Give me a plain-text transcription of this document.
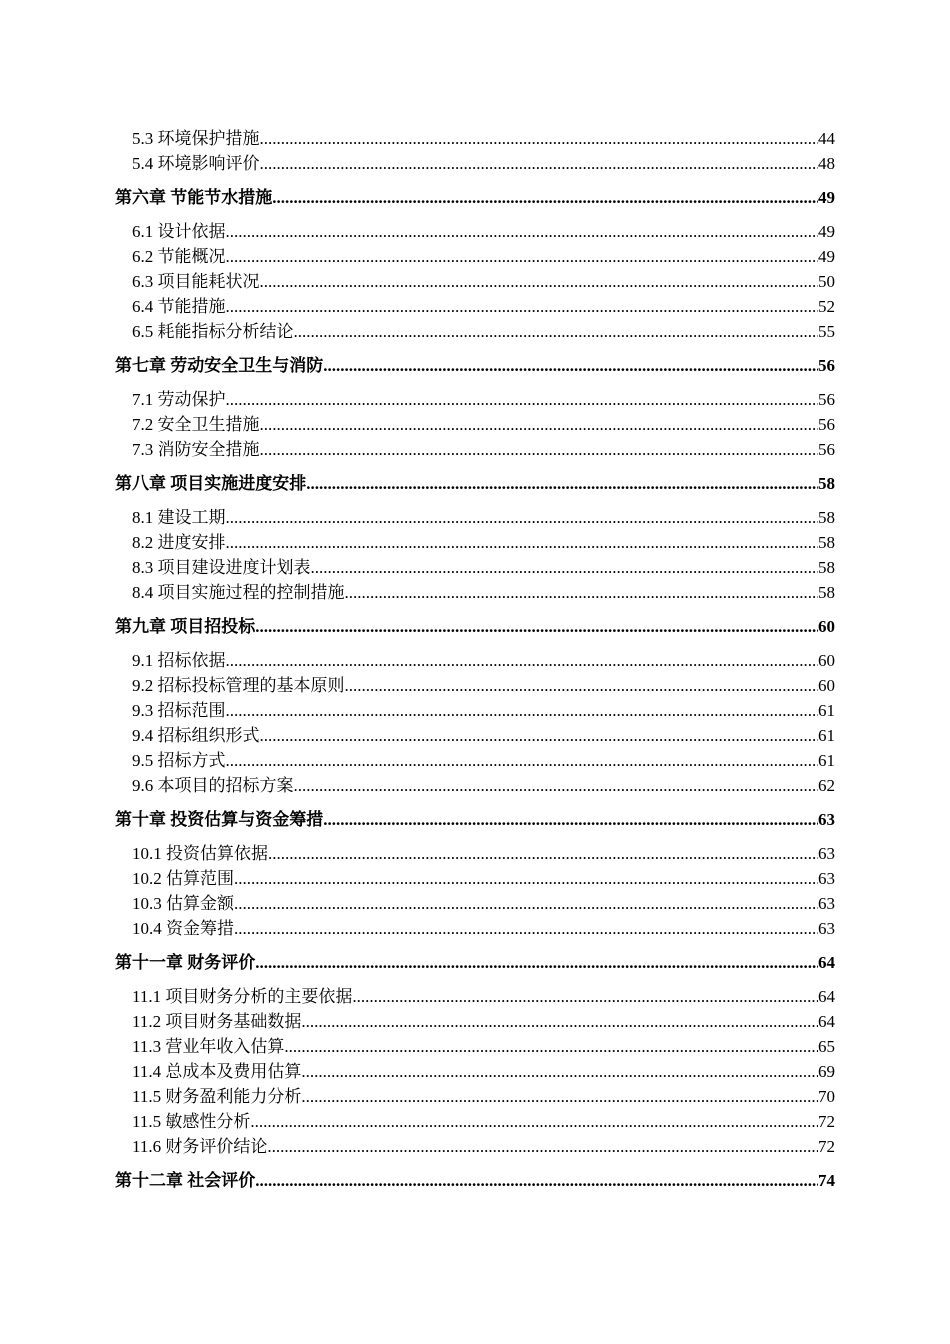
5.3 环境保护措施 .....	44
5.4 环境影响评价 .....	48
第六章 节能节水措施 .....	49
6.1 设计依据 .....	49
6.2 节能概况 .....	49
6.3 项目能耗状况 .....	50
6.4 节能措施 .....	52
6.5 耗能指标分析结论 .....	55
第七章 劳动安全卫生与消防 .....	56
7.1 劳动保护 .....	56
7.2 安全卫生措施 .....	56
7.3 消防安全措施 .....	56
第八章 项目实施进度安排 .....	58
8.1 建设工期 .....	58
8.2 进度安排 .....	58
8.3 项目建设进度计划表 .....	58
8.4 项目实施过程的控制措施 .....	58
第九章 项目招投标 .....	60
9.1 招标依据 .....	60
9.2 招标投标管理的基本原则 .....	60
9.3 招标范围 .....	61
9.4 招标组织形式 .....	61
9.5 招标方式 .....	61
9.6 本项目的招标方案 .....	62
第十章 投资估算与资金筹措 .....	63
10.1 投资估算依据 .....	63
10.2 估算范围 .....	63
10.3 估算金额 .....	63
10.4 资金筹措 .....	63
第十一章 财务评价 .....	64
11.1 项目财务分析的主要依据 .....	64
11.2 项目财务基础数据 .....	64
11.3 营业年收入估算 .....	65
11.4 总成本及费用估算 .....	69
11.5 财务盈利能力分析 .....	70
11.5 敏感性分析 .....	72
11.6 财务评价结论 .....	72
第十二章 社会评价 .....	74
